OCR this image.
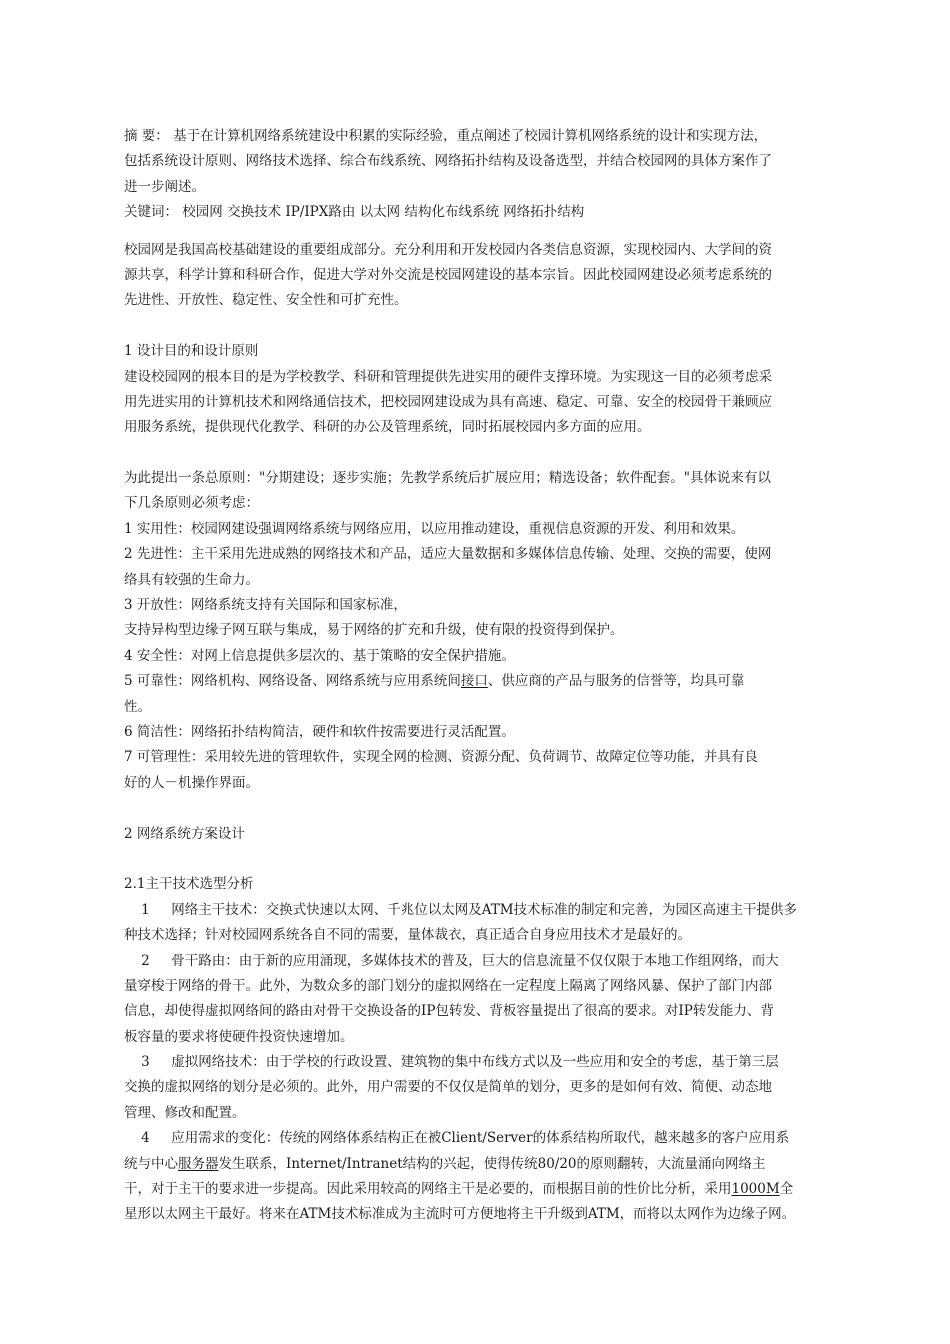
摘 要： 基于在计算机网络系统建设中积累的实际经验，重点阐述了校园计算机网络系统的设计和实现方法，
包括系统设计原则、网络技术选择、综合布线系统、网络拓扑结构及设备选型，并结合校园网的具体方案作了
进一步阐述。
关键词： 校园网 交换技术 IP/IPX路由 以太网 结构化布线系统 网络拓扑结构
校园网是我国高校基础建设的重要组成部分。充分利用和开发校园内各类信息资源，实现校园内、大学间的资
源共享，科学计算和科研合作，促进大学对外交流是校园网建设的基本宗旨。因此校园网建设必须考虑系统的
先进性、开放性、稳定性、安全性和可扩充性。
1 设计目的和设计原则
建设校园网的根本目的是为学校教学、科研和管理提供先进实用的硬件支撑环境。为实现这一目的必须考虑采
用先进实用的计算机技术和网络通信技术，把校园网建设成为具有高速、稳定、可靠、安全的校园骨干兼顾应
用服务系统，提供现代化教学、科研的办公及管理系统，同时拓展校园内多方面的应用。
为此提出一条总原则："分期建设；逐步实施；先教学系统后扩展应用；精选设备；软件配套。"具体说来有以
下几条原则必须考虑：
1 实用性：校园网建设强调网络系统与网络应用，以应用推动建设，重视信息资源的开发、利用和效果。
2 先进性：主干采用先进成熟的网络技术和产品，适应大量数据和多媒体信息传输、处理、交换的需要，使网
络具有较强的生命力。
3 开放性：网络系统支持有关国际和国家标准，
支持异构型边缘子网互联与集成，易于网络的扩充和升级，使有限的投资得到保护。
4 安全性：对网上信息提供多层次的、基于策略的安全保护措施。
5 可靠性：网络机构、网络设备、网络系统与应用系统间接口、供应商的产品与服务的信誉等，均具可靠
性。
6 简洁性：网络拓扑结构简洁，硬件和软件按需要进行灵活配置。
7 可管理性：采用较先进的管理软件，实现全网的检测、资源分配、负荷调节、故障定位等功能，并具有良
好的人－机操作界面。
2 网络系统方案设计
2.1主干技术选型分析
1     网络主干技术：交换式快速以太网、千兆位以太网及ATM技术标准的制定和完善，为园区高速主干提供多
种技术选择；针对校园网系统各自不同的需要，量体裁衣，真正适合自身应用技术才是最好的。
2     骨干路由：由于新的应用涌现，多媒体技术的普及，巨大的信息流量不仅仅限于本地工作组网络，而大
量穿梭于网络的骨干。此外，为数众多的部门划分的虚拟网络在一定程度上隔离了网络风暴、保护了部门内部
信息，却使得虚拟网络间的路由对骨干交换设备的IP包转发、背板容量提出了很高的要求。对IP转发能力、背
板容量的要求将使硬件投资快速增加。
3     虚拟网络技术：由于学校的行政设置、建筑物的集中布线方式以及一些应用和安全的考虑，基于第三层
交换的虚拟网络的划分是必须的。此外，用户需要的不仅仅是简单的划分，更多的是如何有效、简便、动态地
管理、修改和配置。
4     应用需求的变化：传统的网络体系结构正在被Client/Server的体系结构所取代，越来越多的客户应用系
统与中心服务器发生联系，Internet/Intranet结构的兴起，使得传统80/20的原则翻转，大流量涌向网络主
干，对于主干的要求进一步提高。因此采用较高的网络主干是必要的，而根据目前的性价比分析，采用1000M全
星形以太网主干最好。将来在ATM技术标准成为主流时可方便地将主干升级到ATM，而将以太网作为边缘子网。
